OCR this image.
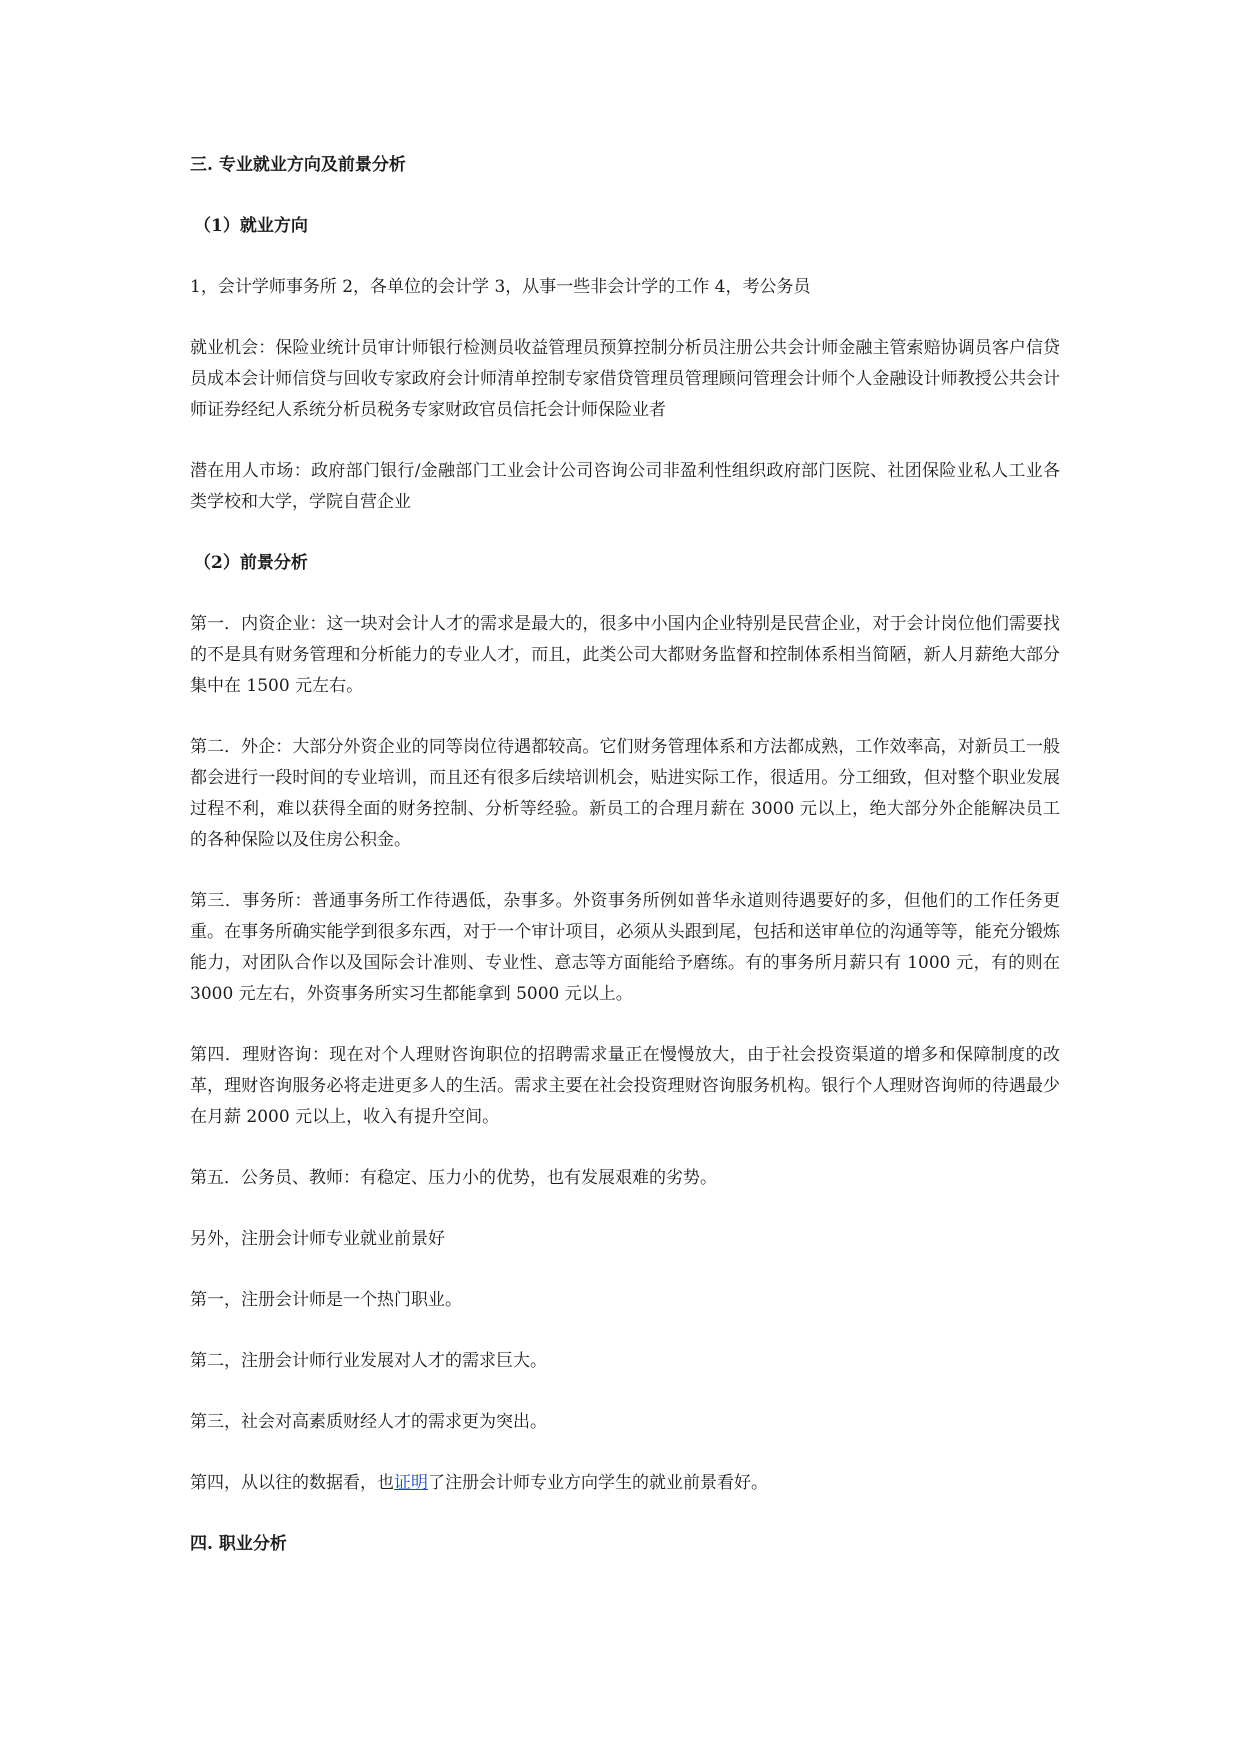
三. 专业就业方向及前景分析

（1）就业方向

1，会计学师事务所 2，各单位的会计学 3，从事一些非会计学的工作 4，考公务员

就业机会：保险业统计员审计师银行检测员收益管理员预算控制分析员注册公共会计师金融主管索赔协调员客户信贷员成本会计师信贷与回收专家政府会计师清单控制专家借贷管理员管理顾问管理会计师个人金融设计师教授公共会计师证券经纪人系统分析员税务专家财政官员信托会计师保险业者

潜在用人市场：政府部门银行/金融部门工业会计公司咨询公司非盈利性组织政府部门医院、社团保险业私人工业各类学校和大学，学院自营企业

（2）前景分析

第一．内资企业：这一块对会计人才的需求是最大的，很多中小国内企业特别是民营企业，对于会计岗位他们需要找的不是具有财务管理和分析能力的专业人才，而且，此类公司大都财务监督和控制体系相当简陋，新人月薪绝大部分集中在 1500 元左右。

第二．外企：大部分外资企业的同等岗位待遇都较高。它们财务管理体系和方法都成熟，工作效率高，对新员工一般都会进行一段时间的专业培训，而且还有很多后续培训机会，贴进实际工作，很适用。分工细致，但对整个职业发展过程不利，难以获得全面的财务控制、分析等经验。新员工的合理月薪在 3000 元以上，绝大部分外企能解决员工的各种保险以及住房公积金。

第三．事务所：普通事务所工作待遇低，杂事多。外资事务所例如普华永道则待遇要好的多，但他们的工作任务更重。在事务所确实能学到很多东西，对于一个审计项目，必须从头跟到尾，包括和送审单位的沟通等等，能充分锻炼能力，对团队合作以及国际会计准则、专业性、意志等方面能给予磨练。有的事务所月薪只有 1000 元，有的则在 3000 元左右，外资事务所实习生都能拿到 5000 元以上。

第四．理财咨询：现在对个人理财咨询职位的招聘需求量正在慢慢放大，由于社会投资渠道的增多和保障制度的改革，理财咨询服务必将走进更多人的生活。需求主要在社会投资理财咨询服务机构。银行个人理财咨询师的待遇最少在月薪 2000 元以上，收入有提升空间。

第五．公务员、教师：有稳定、压力小的优势，也有发展艰难的劣势。

另外，注册会计师专业就业前景好

第一，注册会计师是一个热门职业。

第二，注册会计师行业发展对人才的需求巨大。

第三，社会对高素质财经人才的需求更为突出。

第四，从以往的数据看，也证明了注册会计师专业方向学生的就业前景看好。

四. 职业分析
